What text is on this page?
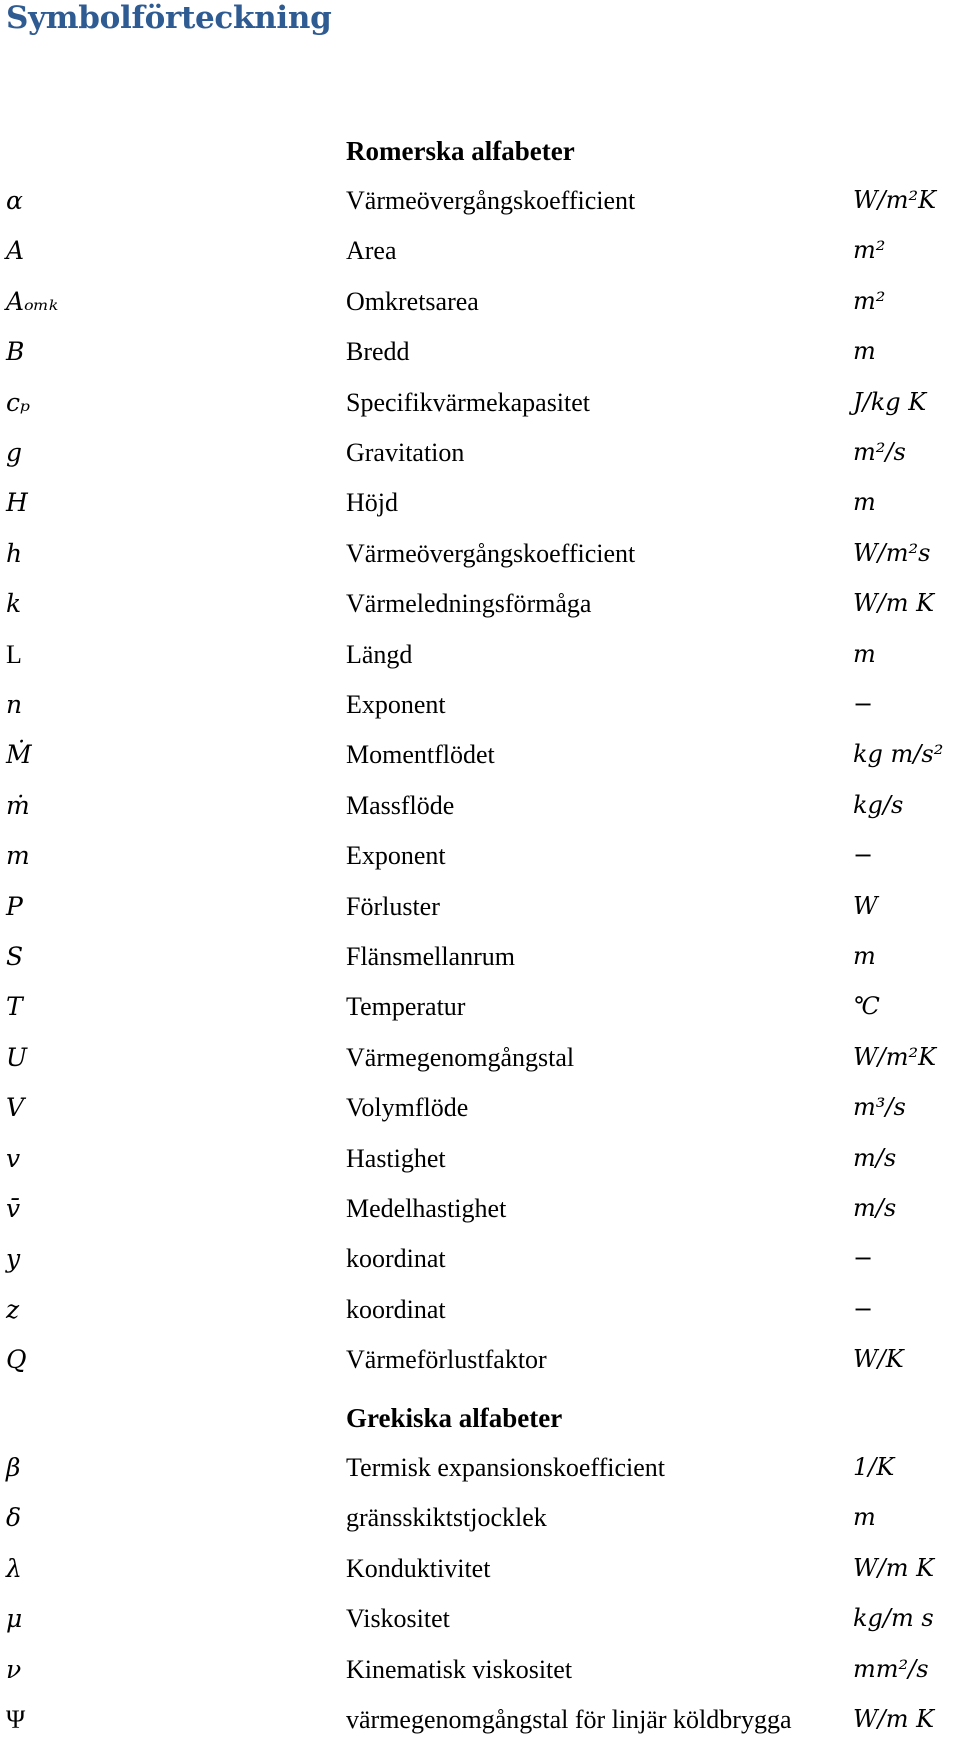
Symbolförteckning
Romerska alfabeter
α	Värmeövergångskoefficient	W/m²K
A	Area	m²
Aₒₘₖ	Omkretsarea	m²
B	Bredd	m
cₚ	Specifikvärmekapasitet	J/kg K
g	Gravitation	m²/s
H	Höjd	m
h	Värmeövergångskoefficient	W/m²s
k	Värmeledningsförmåga	W/m K
L	Längd	m
n	Exponent	−
Ṁ	Momentflödet	kg m/s²
ṁ	Massflöde	kg/s
m	Exponent	−
P	Förluster	W
S	Flänsmellanrum	m
T	Temperatur	℃
U	Värmegenomgångstal	W/m²K
V	Volymflöde	m³/s
v	Hastighet	m/s
v̄	Medelhastighet	m/s
y	koordinat	−
z	koordinat	−
Q	Värmeförlustfaktor	W/K
Grekiska alfabeter
β	Termisk expansionskoefficient	1/K
δ	gränsskiktstjocklek	m
λ	Konduktivitet	W/m K
μ	Viskositet	kg/m s
ν	Kinematisk viskositet	mm²/s
Ψ	värmegenomgångstal för linjär köldbrygga	W/m K
